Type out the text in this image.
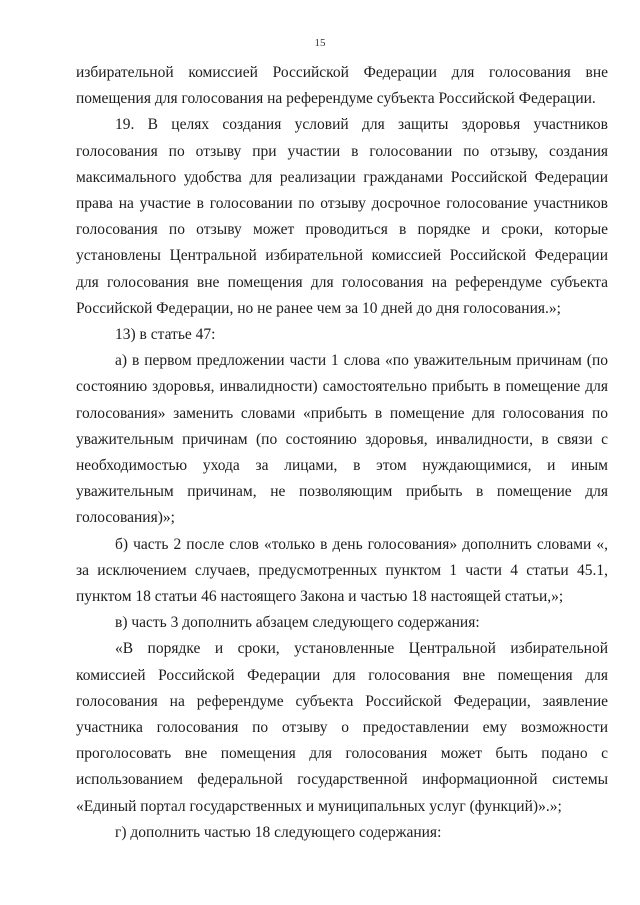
15

избирательной комиссией Российской Федерации для голосования вне помещения для голосования на референдуме субъекта Российской Федерации.

19. В целях создания условий для защиты здоровья участников голосования по отзыву при участии в голосовании по отзыву, создания максимального удобства для реализации гражданами Российской Федерации права на участие в голосовании по отзыву досрочное голосование участников голосования по отзыву может проводиться в порядке и сроки, которые установлены Центральной избирательной комиссией Российской Федерации для голосования вне помещения для голосования на референдуме субъекта Российской Федерации, но не ранее чем за 10 дней до дня голосования.»;

13) в статье 47:

а) в первом предложении части 1 слова «по уважительным причинам (по состоянию здоровья, инвалидности) самостоятельно прибыть в помещение для голосования» заменить словами «прибыть в помещение для голосования по уважительным причинам (по состоянию здоровья, инвалидности, в связи с необходимостью ухода за лицами, в этом нуждающимися, и иным уважительным причинам, не позволяющим прибыть в помещение для голосования)»;

б) часть 2 после слов «только в день голосования» дополнить словами «, за исключением случаев, предусмотренных пунктом 1 части 4 статьи 45.1, пунктом 18 статьи 46 настоящего Закона и частью 18 настоящей статьи,»;

в) часть 3 дополнить абзацем следующего содержания:

«В порядке и сроки, установленные Центральной избирательной комиссией Российской Федерации для голосования вне помещения для голосования на референдуме субъекта Российской Федерации, заявление участника голосования по отзыву о предоставлении ему возможности проголосовать вне помещения для голосования может быть подано с использованием федеральной государственной информационной системы «Единый портал государственных и муниципальных услуг (функций)».»;

г) дополнить частью 18 следующего содержания:
